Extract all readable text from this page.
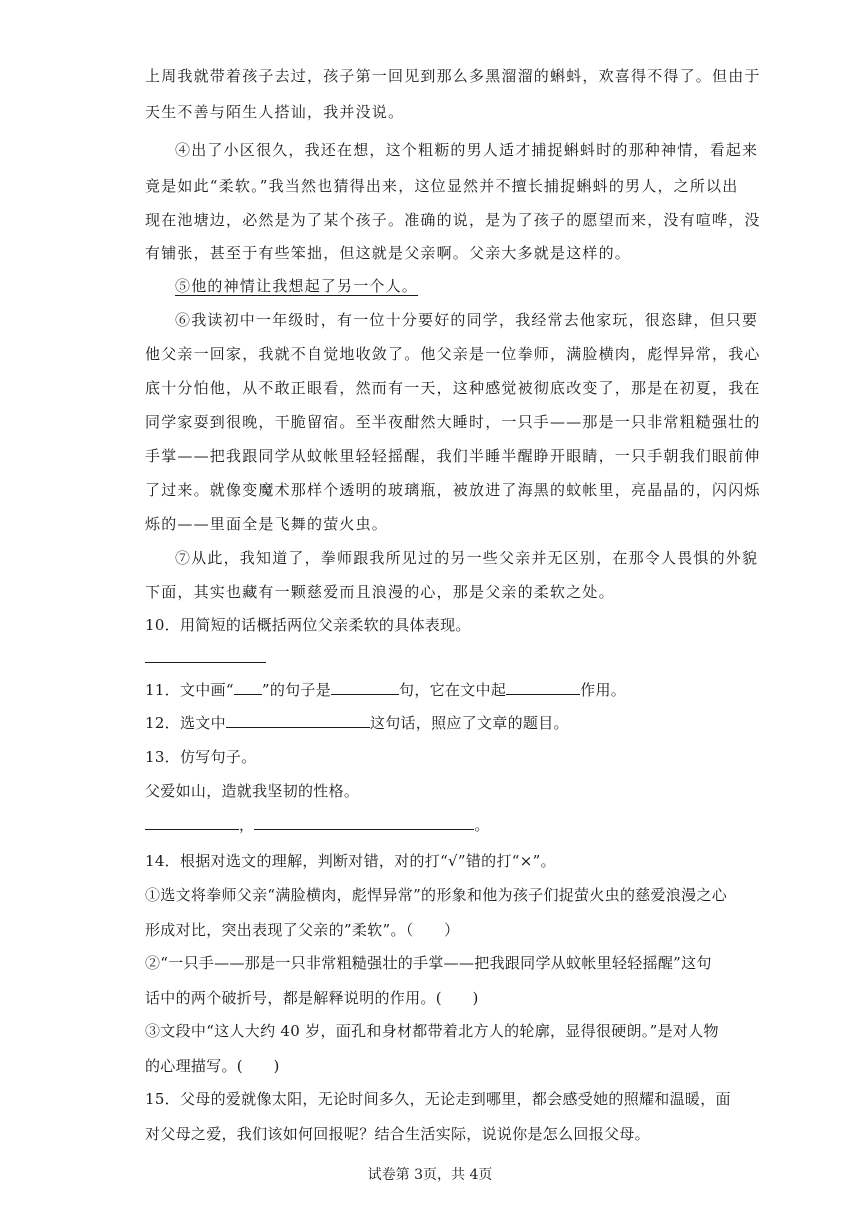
上周我就带着孩子去过，孩子第一回见到那么多黑溜溜的蝌蚪，欢喜得不得了。但由于
天生不善与陌生人搭讪，我并没说。
④出了小区很久，我还在想，这个粗粝的男人适才捕捉蝌蚪时的那种神情，看起来
竟是如此“柔软。”我当然也猜得出来，这位显然并不擅长捕捉蝌蚪的男人，之所以出
现在池塘边，必然是为了某个孩子。准确的说，是为了孩子的愿望而来，没有喧哗，没
有铺张，甚至于有些笨拙，但这就是父亲啊。父亲大多就是这样的。
⑤他的神情让我想起了另一个人。
⑥我读初中一年级时，有一位十分要好的同学，我经常去他家玩，很恣肆，但只要
他父亲一回家，我就不自觉地收敛了。他父亲是一位拳师，满脸横肉，彪悍异常，我心
底十分怕他，从不敢正眼看，然而有一天，这种感觉被彻底改变了，那是在初夏，我在
同学家耍到很晚，干脆留宿。至半夜酣然大睡时，一只手——那是一只非常粗糙强壮的
手掌——把我跟同学从蚊帐里轻轻摇醒，我们半睡半醒睁开眼睛，一只手朝我们眼前伸
了过来。就像变魔术那样个透明的玻璃瓶，被放进了海黑的蚊帐里，亮晶晶的，闪闪烁
烁的——里面全是飞舞的萤火虫。
⑦从此，我知道了，拳师跟我所见过的另一些父亲并无区别，在那令人畏惧的外貌
下面，其实也藏有一颗慈爱而且浪漫的心，那是父亲的柔软之处。
10．用简短的话概括两位父亲柔软的具体表现。
11．文中画“ ”的句子是	句，它在文中起	作用。
12．选文中	这句话，照应了文章的题目。
13．仿写句子。
父爱如山，造就我坚韧的性格。
，	。
14．根据对选文的理解，判断对错，对的打“√”错的打“×”。
①选文将拳师父亲“满脸横肉，彪悍异常”的形象和他为孩子们捉萤火虫的慈爱浪漫之心
形成对比，突出表现了父亲的”柔软”。（　　）
②“一只手——那是一只非常粗糙强壮的手掌——把我跟同学从蚊帐里轻轻摇醒”这句
话中的两个破折号，都是解释说明的作用。(　　)
③文段中“这人大约 40 岁，面孔和身材都带着北方人的轮廓，显得很硬朗。”是对人物
的心理描写。(　　)
15．父母的爱就像太阳，无论时间多久，无论走到哪里，都会感受她的照耀和温暖，面
对父母之爱，我们该如何回报呢？结合生活实际，说说你是怎么回报父母。
试卷第 3页，共 4页
